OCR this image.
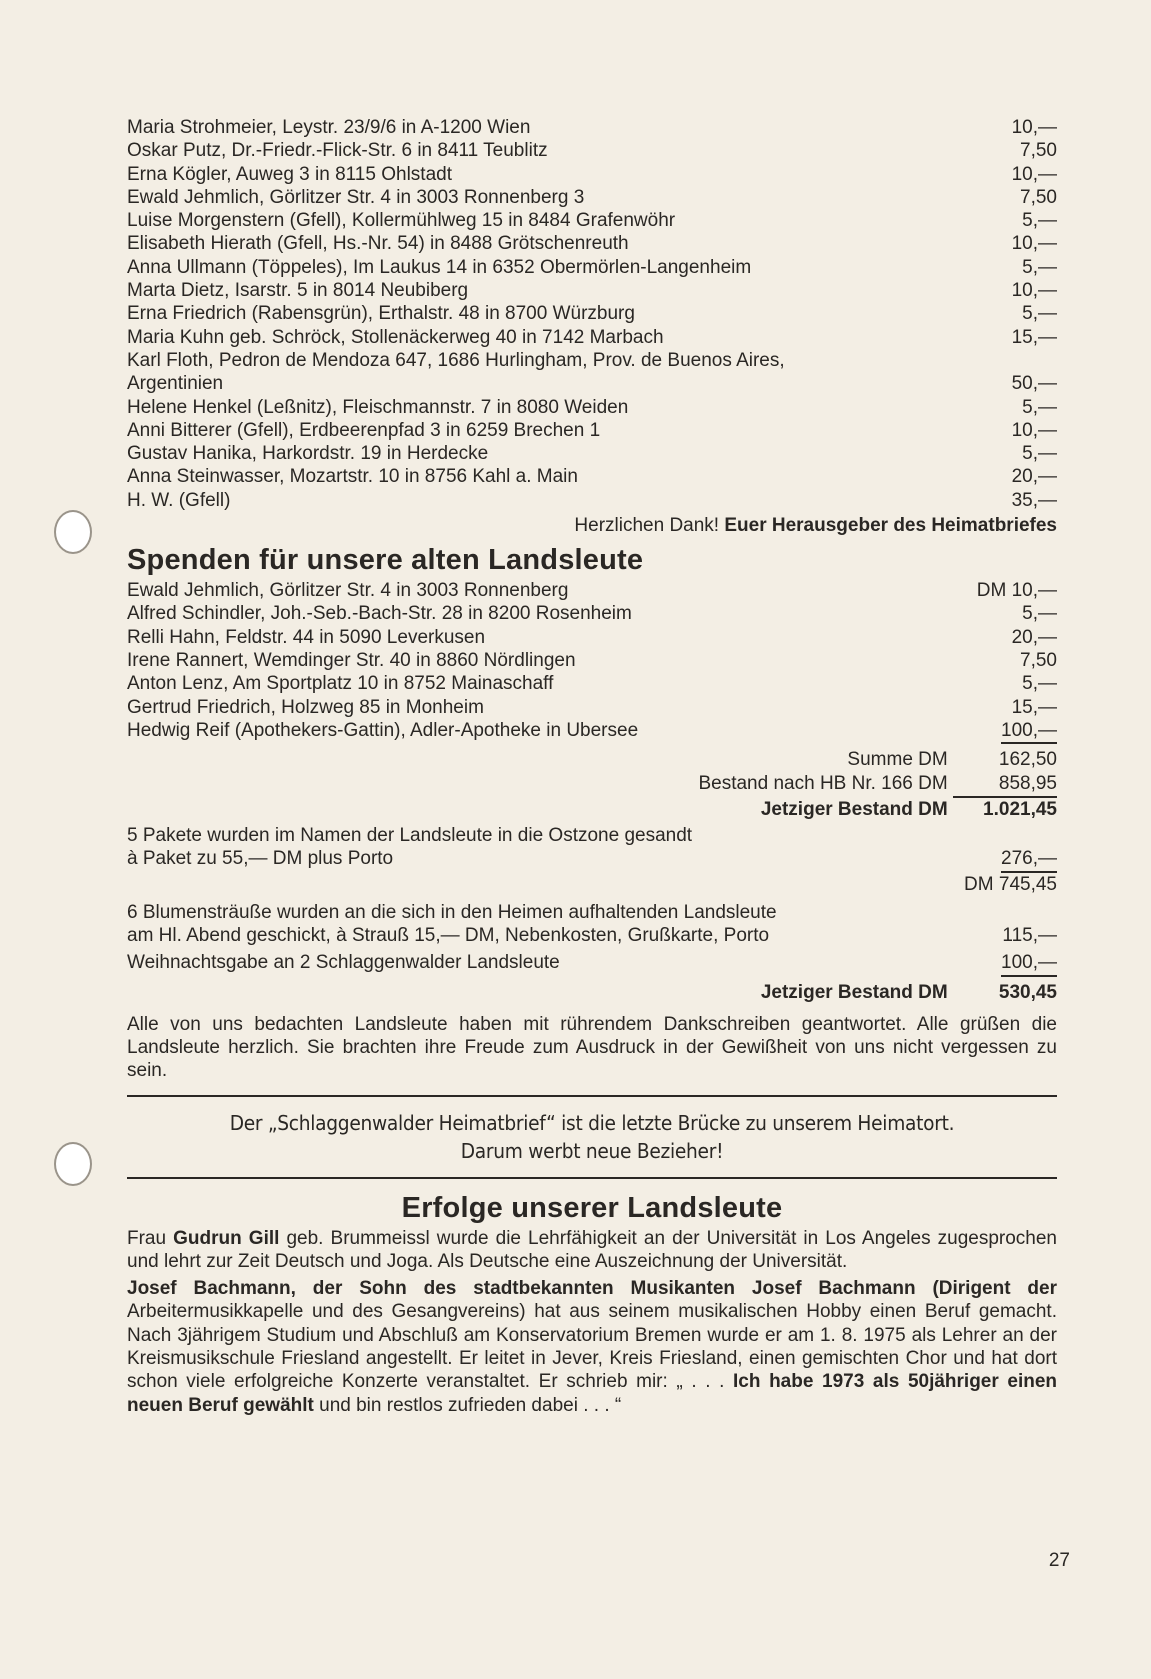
Maria Strohmeier, Leystr. 23/9/6 in A-1200 Wien	10,—
Oskar Putz, Dr.-Friedr.-Flick-Str. 6 in 8411 Teublitz	7,50
Erna Kögler, Auweg 3 in 8115 Ohlstadt	10,—
Ewald Jehmlich, Görlitzer Str. 4 in 3003 Ronnenberg 3	7,50
Luise Morgenstern (Gfell), Kollermühlweg 15 in 8484 Grafenwöhr	5,—
Elisabeth Hierath (Gfell, Hs.-Nr. 54) in 8488 Grötschenreuth	10,—
Anna Ullmann (Töppeles), Im Laukus 14 in 6352 Obermörlen-Langenheim	5,—
Marta Dietz, Isarstr. 5 in 8014 Neubiberg	10,—
Erna Friedrich (Rabensgrün), Erthalstr. 48 in 8700 Würzburg	5,—
Maria Kuhn geb. Schröck, Stollenäckerweg 40 in 7142 Marbach	15,—
Karl Floth, Pedron de Mendoza 647, 1686 Hurlingham, Prov. de Buenos Aires,
Argentinien	50,—
Helene Henkel (Leßnitz), Fleischmannstr. 7 in 8080 Weiden	5,—
Anni Bitterer (Gfell), Erdbeerenpfad 3 in 6259 Brechen 1	10,—
Gustav Hanika, Harkordstr. 19 in Herdecke	5,—
Anna Steinwasser, Mozartstr. 10 in 8756 Kahl a. Main	20,—
H. W. (Gfell)	35,—
Herzlichen Dank! Euer Herausgeber des Heimatbriefes
Spenden für unsere alten Landsleute
Ewald Jehmlich, Görlitzer Str. 4 in 3003 Ronnenberg	DM 10,—
Alfred Schindler, Joh.-Seb.-Bach-Str. 28 in 8200 Rosenheim	5,—
Relli Hahn, Feldstr. 44 in 5090 Leverkusen	20,—
Irene Rannert, Wemdinger Str. 40 in 8860 Nördlingen	7,50
Anton Lenz, Am Sportplatz 10 in 8752 Mainaschaff	5,—
Gertrud Friedrich, Holzweg 85 in Monheim	15,—
Hedwig Reif (Apothekers-Gattin), Adler-Apotheke in Ubersee	100,—
Summe DM	162,50
Bestand nach HB Nr. 166 DM	858,95
Jetziger Bestand DM 1.021,45
5 Pakete wurden im Namen der Landsleute in die Ostzone gesandt
à Paket zu 55,— DM plus Porto	276,—
DM 745,45
6 Blumensträuße wurden an die sich in den Heimen aufhaltenden Landsleute
am Hl. Abend geschickt, à Strauß 15,— DM, Nebenkosten, Grußkarte, Porto	115,—
Weihnachtsgabe an 2 Schlaggenwalder Landsleute	100,—
Jetziger Bestand DM	530,45
Alle von uns bedachten Landsleute haben mit rührendem Dankschreiben geantwortet. Alle grüßen die Landsleute herzlich. Sie brachten ihre Freude zum Ausdruck in der Gewißheit von uns nicht vergessen zu sein.
Der „Schlaggenwalder Heimatbrief“ ist die letzte Brücke zu unserem Heimatort.
Darum werbt neue Bezieher!
Erfolge unserer Landsleute
Frau Gudrun Gill geb. Brummeissl wurde die Lehrfähigkeit an der Universität in Los Angeles zugesprochen und lehrt zur Zeit Deutsch und Joga. Als Deutsche eine Auszeichnung der Universität.
Josef Bachmann, der Sohn des stadtbekannten Musikanten Josef Bachmann (Dirigent der Arbeitermusikkapelle und des Gesangvereins) hat aus seinem musikalischen Hobby einen Beruf gemacht. Nach 3jährigem Studium und Abschluß am Konservatorium Bremen wurde er am 1. 8. 1975 als Lehrer an der Kreismusikschule Friesland angestellt. Er leitet in Jever, Kreis Friesland, einen gemischten Chor und hat dort schon viele erfolgreiche Konzerte veranstaltet. Er schrieb mir: „ . . . Ich habe 1973 als 50jähriger einen neuen Beruf gewählt und bin restlos zufrieden dabei . . . “
27
